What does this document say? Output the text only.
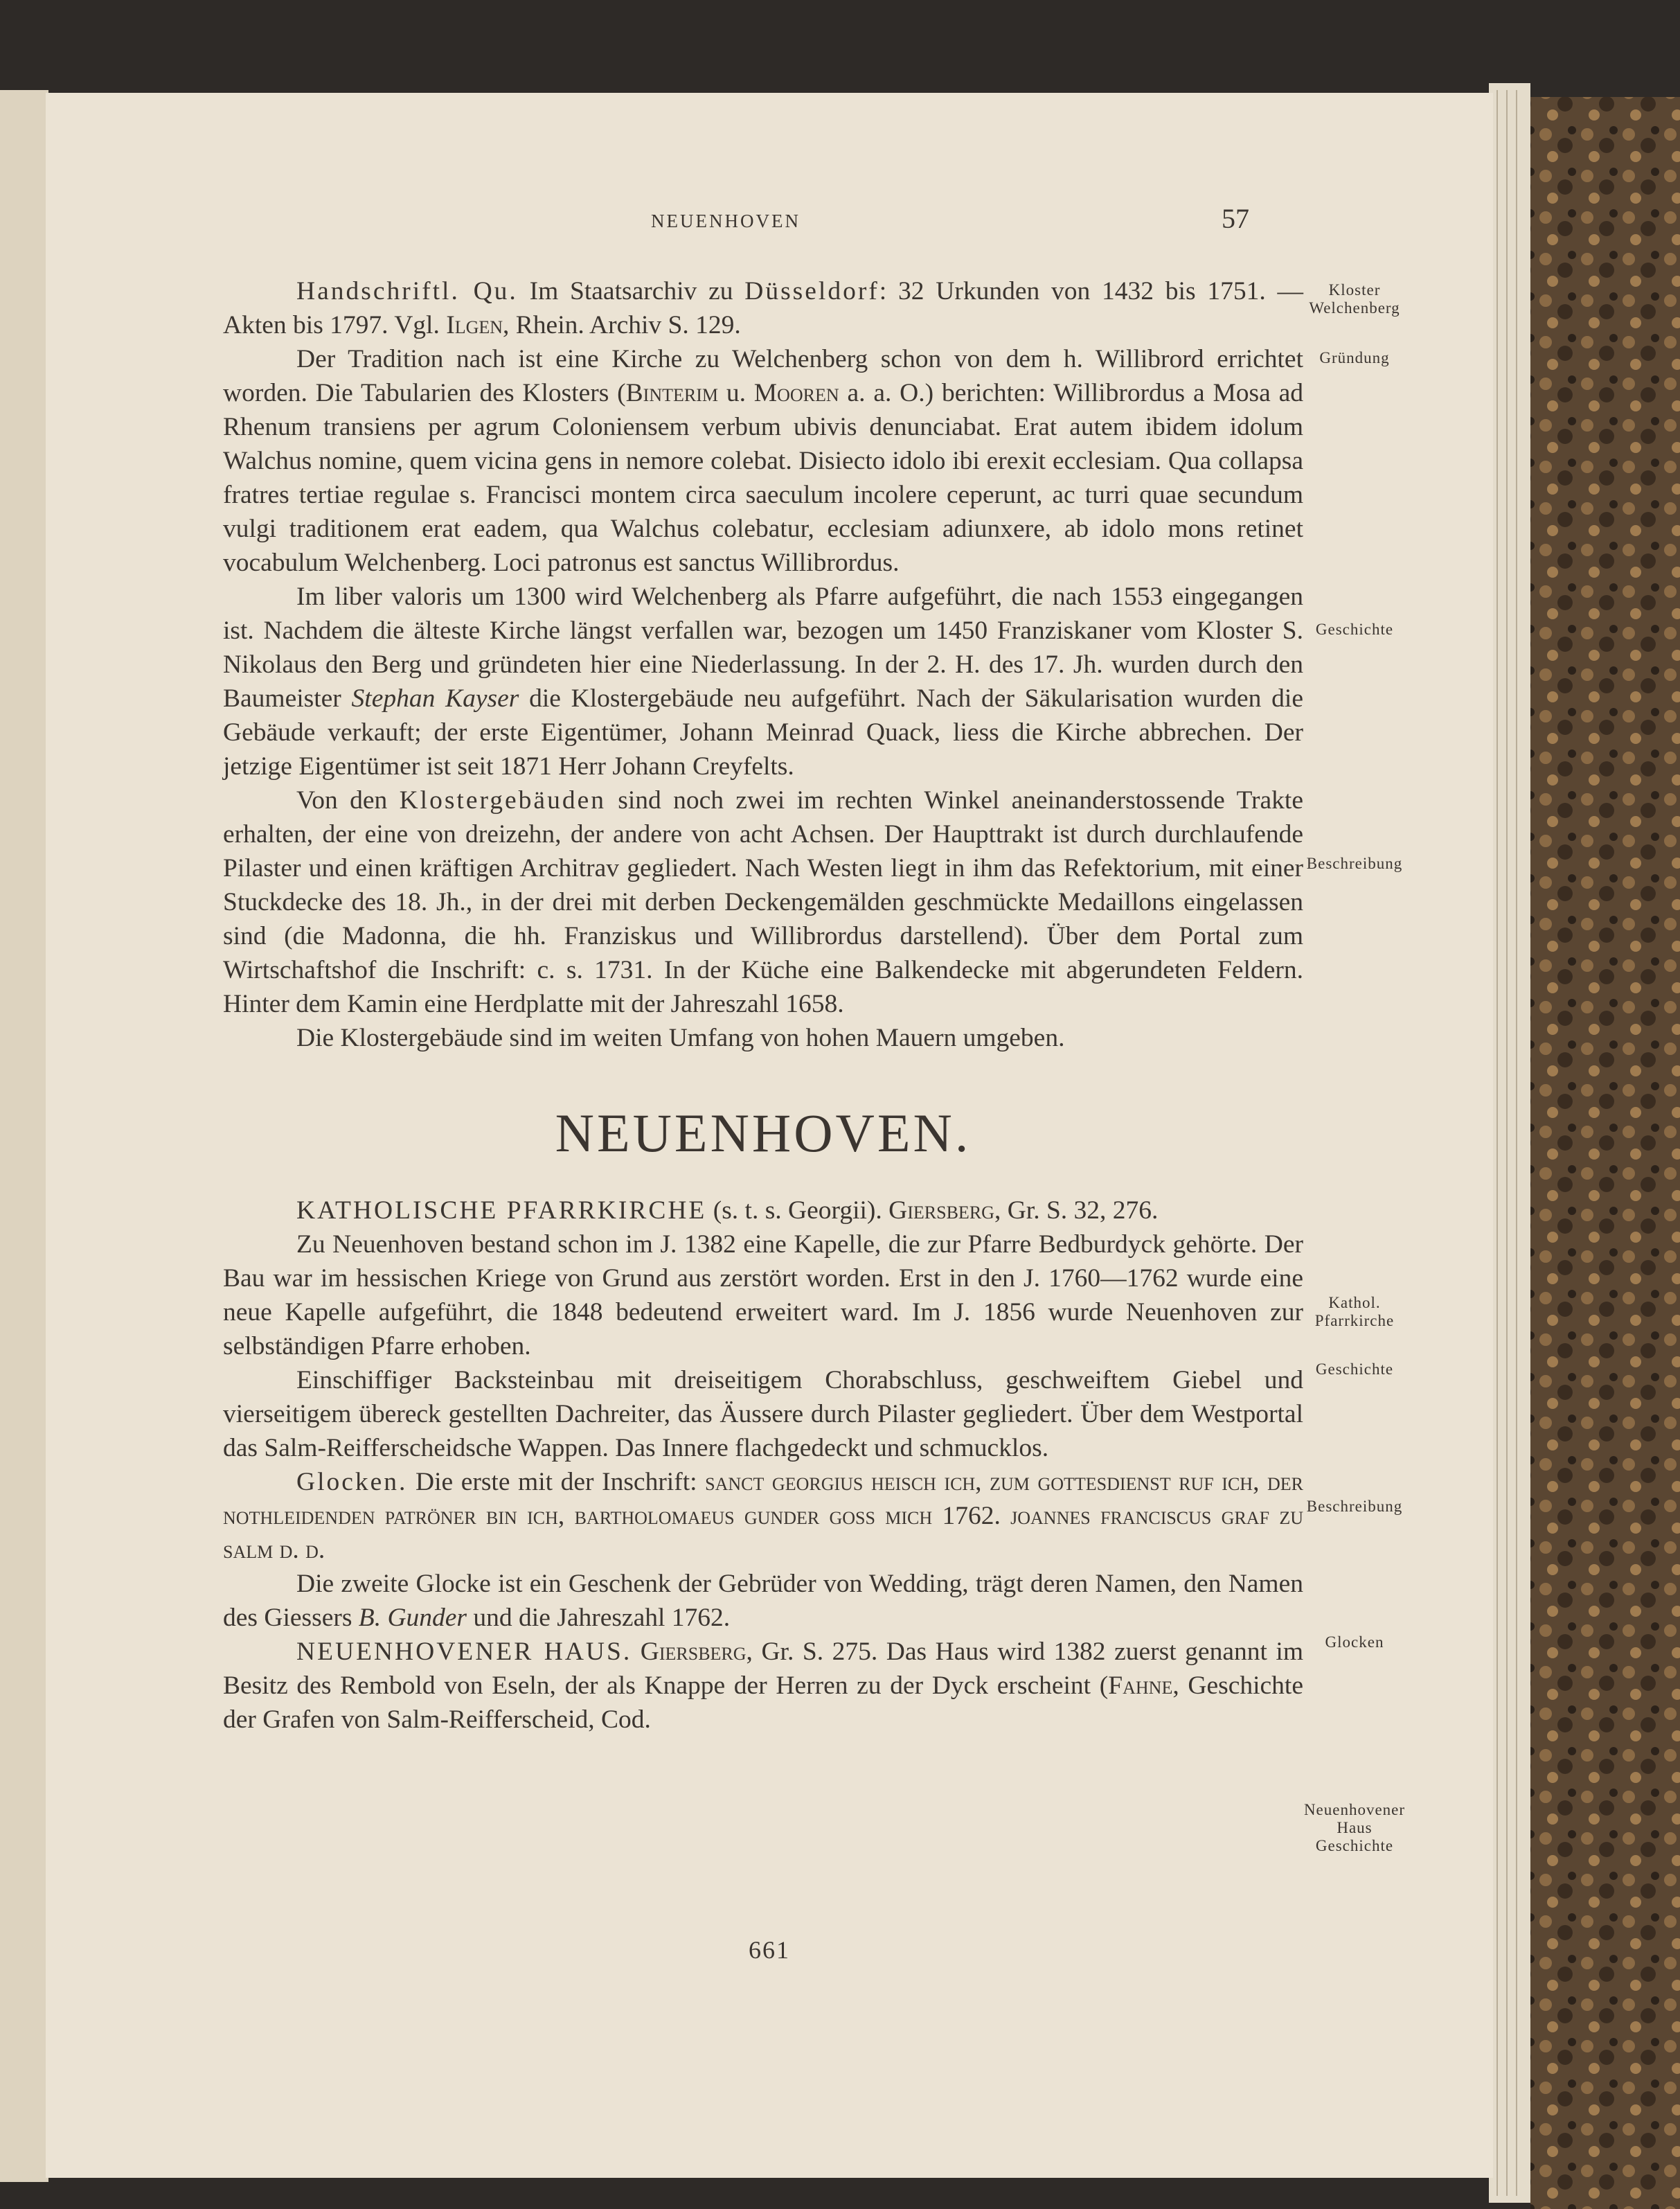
NEUENHOVEN	57

Handschriftl. Qu. Im Staatsarchiv zu Düsseldorf: 32 Urkunden von 1432 bis 1751. — Akten bis 1797. Vgl. Ilgen, Rhein. Archiv S. 129.

Der Tradition nach ist eine Kirche zu Welchenberg schon von dem h. Willibrord errichtet worden. Die Tabularien des Klosters (Binterim u. Mooren a. a. O.) berichten: Willibrordus a Mosa ad Rhenum transiens per agrum Coloniensem verbum ubivis denunciabat. Erat autem ibidem idolum Walchus nomine, quem vicina gens in nemore colebat. Disiecto idolo ibi erexit ecclesiam. Qua collapsa fratres tertiae regulae s. Francisci montem circa saeculum incolere ceperunt, ac turri quae secundum vulgi traditionem erat eadem, qua Walchus colebatur, ecclesiam adiunxere, ab idolo mons retinet vocabulum Welchenberg. Loci patronus est sanctus Willibrordus.

Im liber valoris um 1300 wird Welchenberg als Pfarre aufgeführt, die nach 1553 eingegangen ist. Nachdem die älteste Kirche längst verfallen war, bezogen um 1450 Franziskaner vom Kloster S. Nikolaus den Berg und gründeten hier eine Niederlassung. In der 2. H. des 17. Jh. wurden durch den Baumeister Stephan Kayser die Klostergebäude neu aufgeführt. Nach der Säkularisation wurden die Gebäude verkauft; der erste Eigentümer, Johann Meinrad Quack, liess die Kirche abbrechen. Der jetzige Eigentümer ist seit 1871 Herr Johann Creyfelts.

Von den Klostergebäuden sind noch zwei im rechten Winkel aneinanderstossende Trakte erhalten, der eine von dreizehn, der andere von acht Achsen. Der Haupttrakt ist durch durchlaufende Pilaster und einen kräftigen Architrav gegliedert. Nach Westen liegt in ihm das Refektorium, mit einer Stuckdecke des 18. Jh., in der drei mit derben Deckengemälden geschmückte Medaillons eingelassen sind (die Madonna, die hh. Franziskus und Willibrordus darstellend). Über dem Portal zum Wirtschaftshof die Inschrift: c. s. 1731. In der Küche eine Balkendecke mit abgerundeten Feldern. Hinter dem Kamin eine Herdplatte mit der Jahreszahl 1658.

Die Klostergebäude sind im weiten Umfang von hohen Mauern umgeben.

NEUENHOVEN.

KATHOLISCHE PFARRKIRCHE (s. t. s. Georgii). Giersberg, Gr. S. 32, 276.

Zu Neuenhoven bestand schon im J. 1382 eine Kapelle, die zur Pfarre Bedburdyck gehörte. Der Bau war im hessischen Kriege von Grund aus zerstört worden. Erst in den J. 1760—1762 wurde eine neue Kapelle aufgeführt, die 1848 bedeutend erweitert ward. Im J. 1856 wurde Neuenhoven zur selbständigen Pfarre erhoben.

Einschiffiger Backsteinbau mit dreiseitigem Chorabschluss, geschweiftem Giebel und vierseitigem übereck gestellten Dachreiter, das Äussere durch Pilaster gegliedert. Über dem Westportal das Salm-Reifferscheidsche Wappen. Das Innere flachgedeckt und schmucklos.

Glocken. Die erste mit der Inschrift: sanct georgius heisch ich, zum gottesdienst ruf ich, der nothleidenden patröner bin ich, bartholomaeus gunder goss mich 1762. joannes franciscus graf zu salm d. d.

Die zweite Glocke ist ein Geschenk der Gebrüder von Wedding, trägt deren Namen, den Namen des Giessers B. Gunder und die Jahreszahl 1762.

NEUENHOVENER HAUS. Giersberg, Gr. S. 275. Das Haus wird 1382 zuerst genannt im Besitz des Rembold von Eseln, der als Knappe der Herren zu der Dyck erscheint (Fahne, Geschichte der Grafen von Salm-Reifferscheid, Cod.

Kloster
Welchenberg
Gründung
Geschichte
Beschreibung
Kathol.
Pfarrkirche
Geschichte
Beschreibung
Glocken
Neuenhovener
Haus
Geschichte
661
